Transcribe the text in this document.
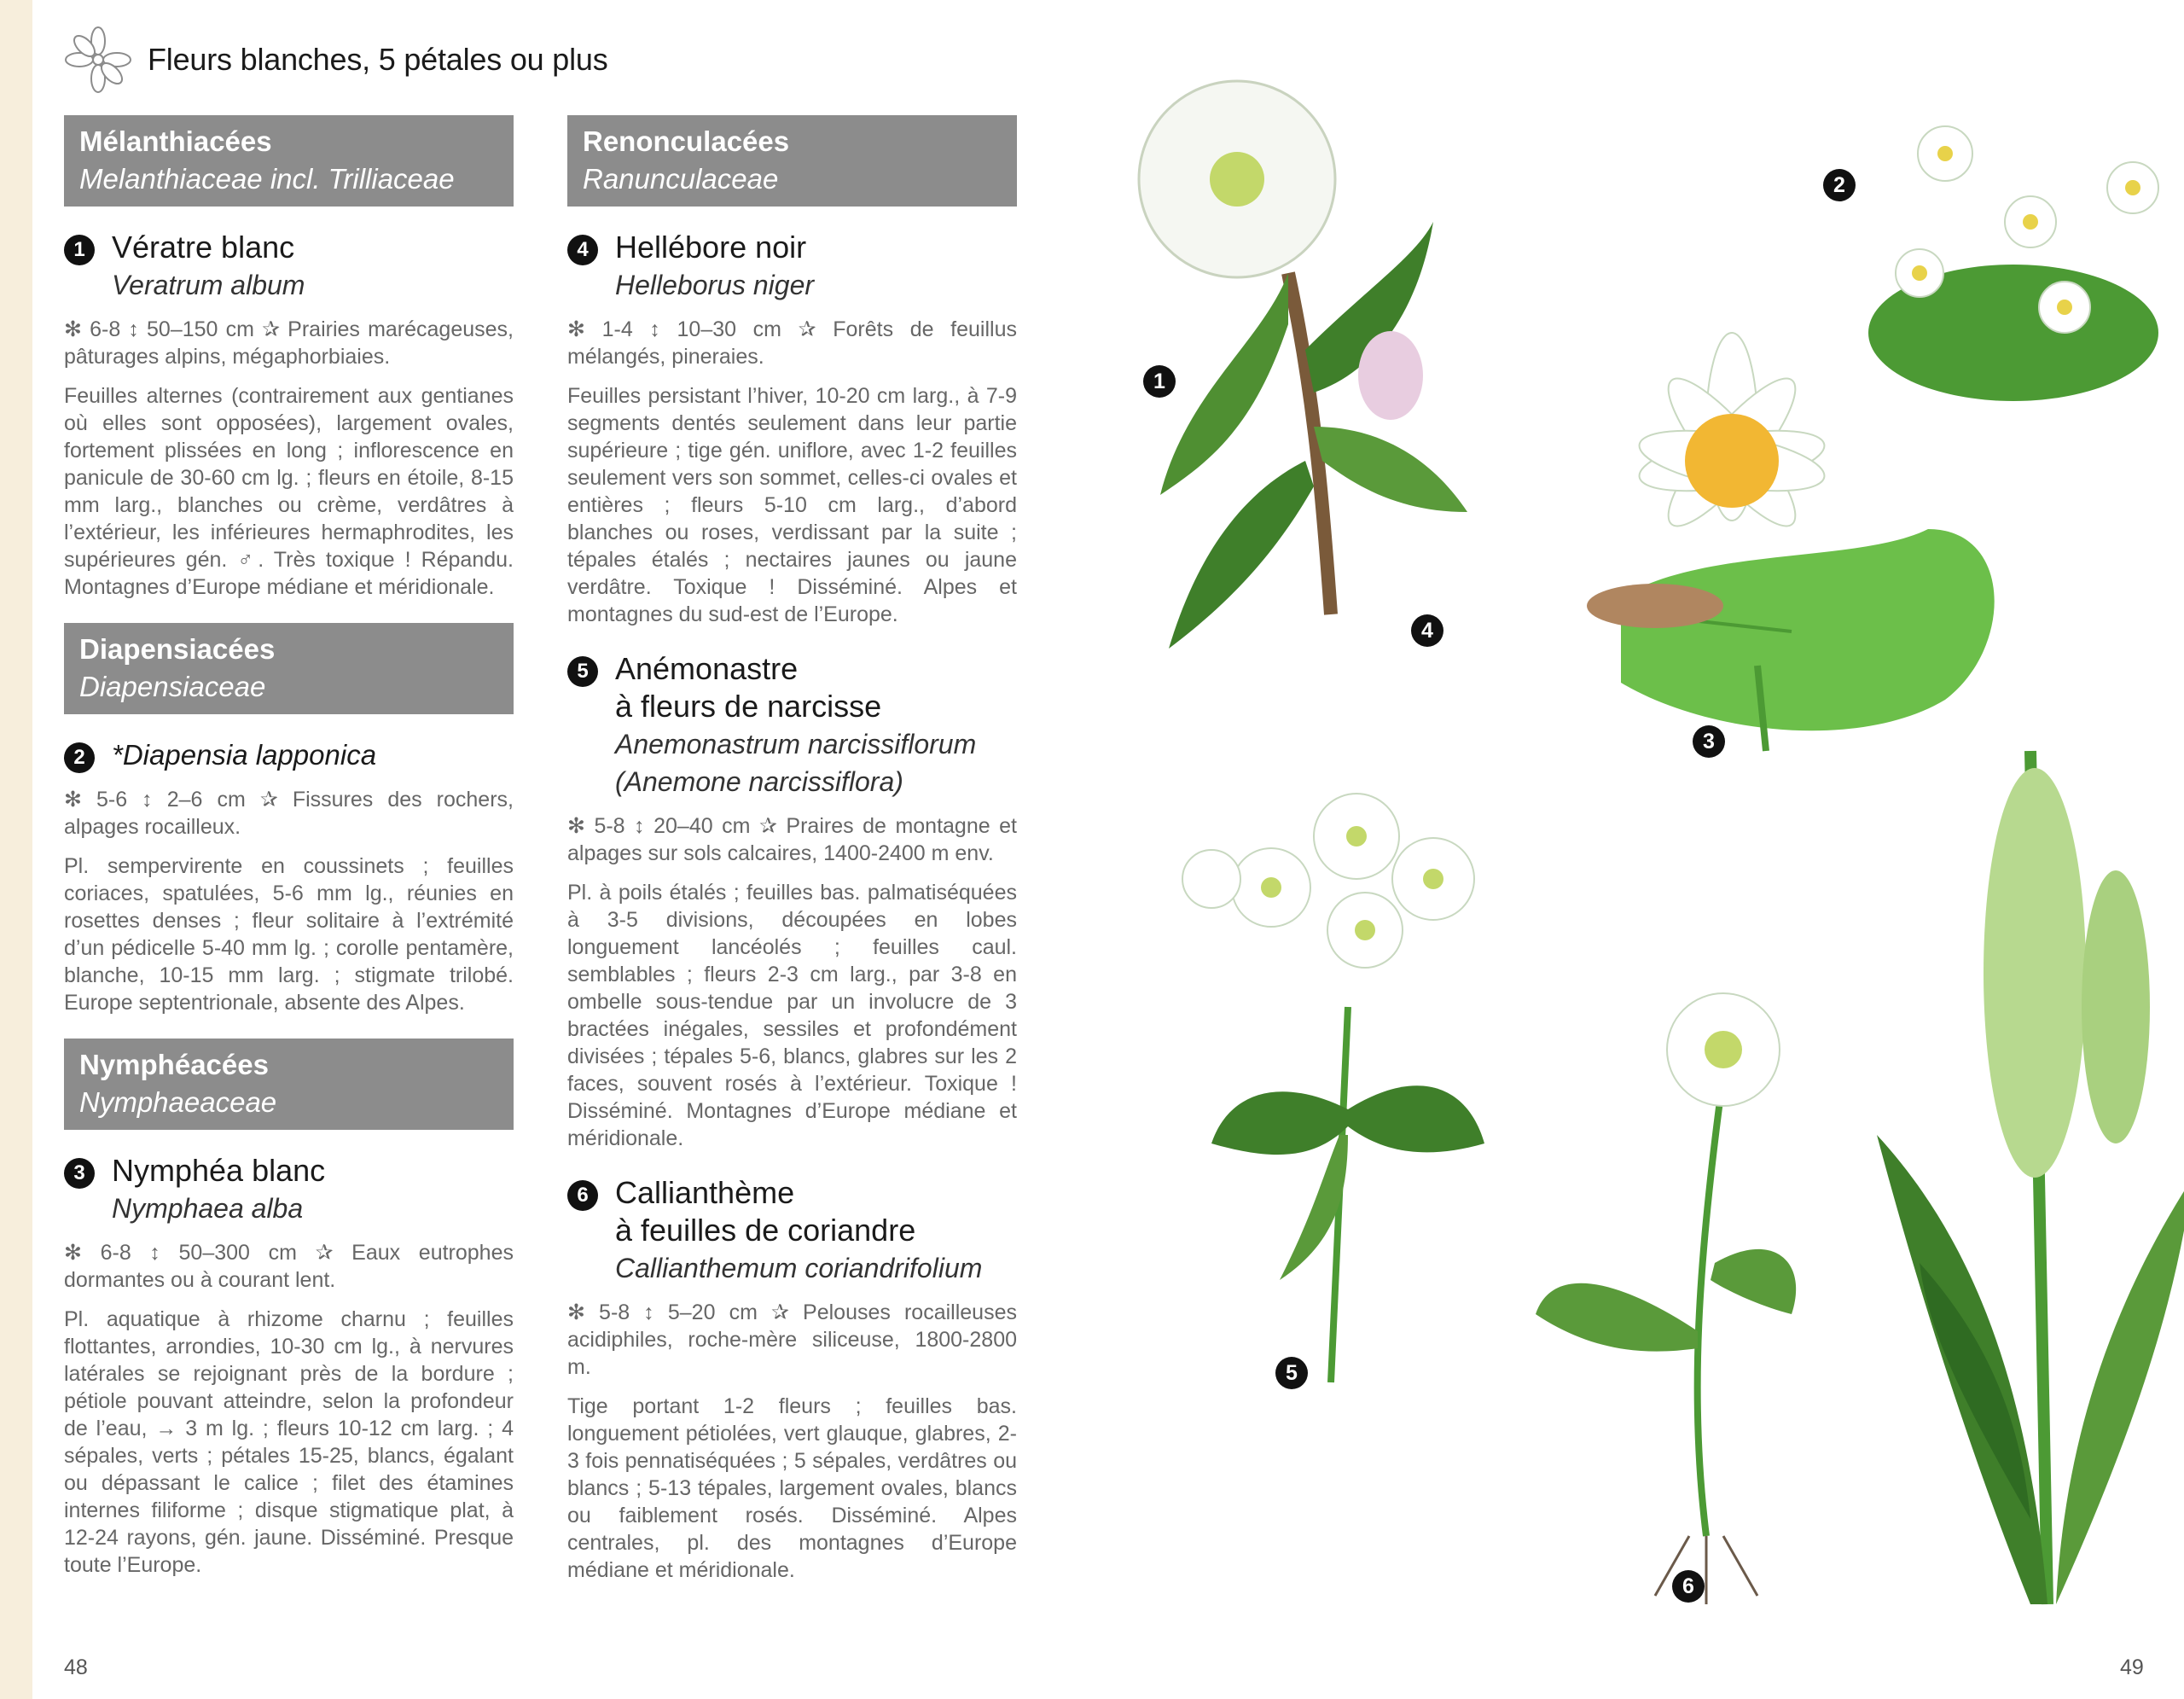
Fleurs blanches, 5 pétales ou plus
Mélanthiacées
Melanthiaceae incl. Trilliaceae
1 Vératre blanc
Veratrum album

✻ 6-8 ↕ 50–150 cm ✰ Prairies marécageuses, pâturages alpins, mégaphorbiaies.

Feuilles alternes (contrairement aux gentianes où elles sont opposées), largement ovales, fortement plissées en long ; inflorescence en panicule de 30-60 cm lg. ; fleurs en étoile, 8-15 mm larg., blanches ou crème, verdâtres à l’extérieur, les inférieures hermaphrodites, les supérieures gén. ♂. Très toxique ! Répandu. Montagnes d’Europe médiane et méridionale.

Diapensiacées
Diapensiaceae
2 *Diapensia lapponica

✻ 5-6 ↕ 2–6 cm ✰ Fissures des rochers, alpages rocailleux.

Pl. sempervirente en coussinets ; feuilles coriaces, spatulées, 5-6 mm lg., réunies en rosettes denses ; fleur solitaire à l’extrémité d’un pédicelle 5-40 mm lg. ; corolle pentamère, blanche, 10-15 mm larg. ; stigmate trilobé. Europe septentrionale, absente des Alpes.

Nymphéacées
Nymphaeaceae
3 Nymphéa blanc
Nymphaea alba

✻ 6-8 ↕ 50–300 cm ✰ Eaux eutrophes dormantes ou à courant lent.

Pl. aquatique à rhizome charnu ; feuilles flottantes, arrondies, 10-30 cm lg., à nervures latérales se rejoignant près de la bordure ; pétiole pouvant atteindre, selon la profondeur de l’eau, → 3 m lg. ; fleurs 10-12 cm larg. ; 4 sépales, verts ; pétales 15-25, blancs, égalant ou dépassant le calice ; filet des étamines internes filiforme ; disque stigmatique plat, à 12-24 rayons, gén. jaune. Disséminé. Presque toute l’Europe.

Renonculacées
Ranunculaceae
4 Hellébore noir
Helleborus niger

✻ 1-4 ↕ 10–30 cm ✰ Forêts de feuillus mélangés, pineraies.

Feuilles persistant l’hiver, 10-20 cm larg., à 7-9 segments dentés seulement dans leur partie supérieure ; tige gén. uniflore, avec 1-2 feuilles seulement vers son sommet, celles-ci ovales et entières ; fleurs 5-10 cm larg., d’abord blanches ou roses, verdissant par la suite ; tépales étalés ; nectaires jaunes ou jaune verdâtre. Toxique ! Disséminé. Alpes et montagnes du sud-est de l’Europe.

5 Anémonastre
à fleurs de narcisse
Anemonastrum narcissiflorum
(Anemone narcissiflora)

✻ 5-8 ↕ 20–40 cm ✰ Praires de montagne et alpages sur sols calcaires, 1400-2400 m env.

Pl. à poils étalés ; feuilles bas. palmatiséquées à 3-5 divisions, découpées en lobes longuement lancéolés ; feuilles caul. semblables ; fleurs 2-3 cm larg., par 3-8 en ombelle sous-tendue par un involucre de 3 bractées inégales, sessiles et profondément divisées ; tépales 5-6, blancs, glabres sur les 2 faces, souvent rosés à l’extérieur. Toxique ! Disséminé. Montagnes d’Europe médiane et méridionale.

6 Callianthème
à feuilles de coriandre
Callianthemum coriandrifolium

✻ 5-8 ↕ 5–20 cm ✰ Pelouses rocailleuses acidiphiles, roche-mère siliceuse, 1800-2800 m.

Tige portant 1-2 fleurs ; feuilles bas. longuement pétiolées, vert glauque, glabres, 2-3 fois pennatiséquées ; 5 sépales, verdâtres ou blancs ; 5-13 tépales, largement ovales, blancs ou faiblement rosés. Disséminé. Alpes centrales, pl. des montagnes d’Europe médiane et méridionale.

1
2
3
4
5
6
48	49
